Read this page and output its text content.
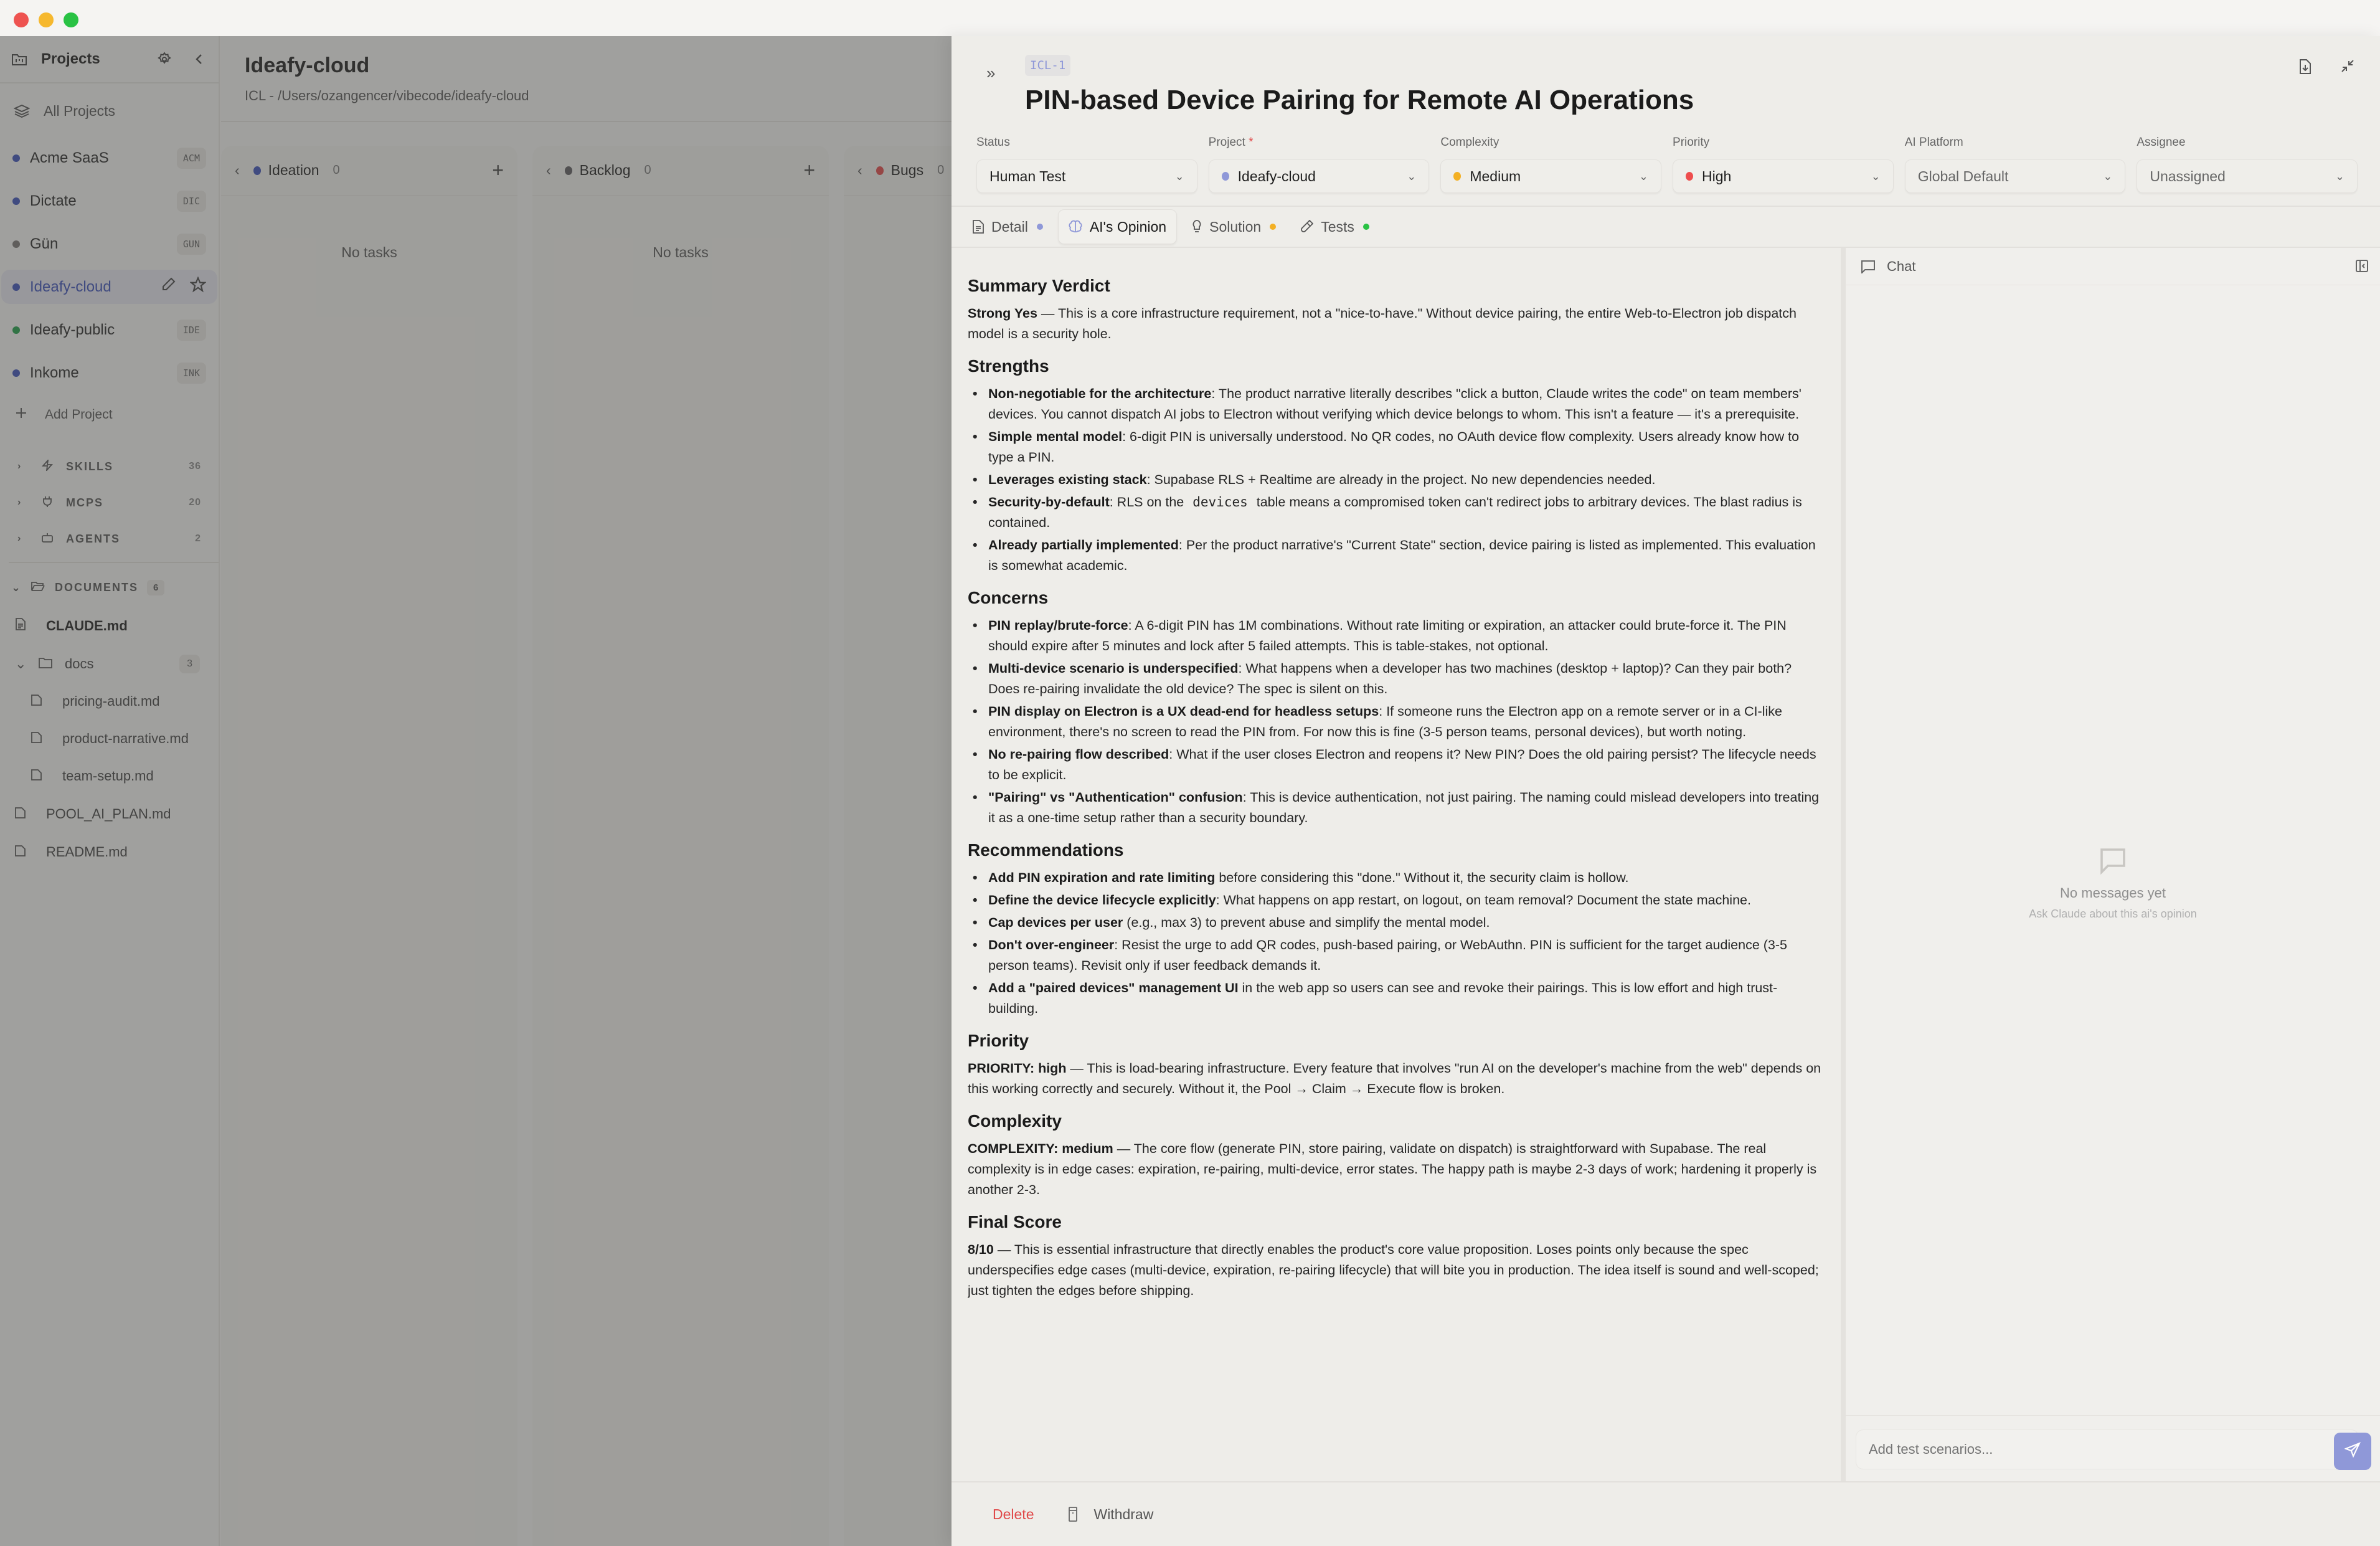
Projects
All Projects
Acme SaaS	ACM
Dictate	DIC
Gün	GUN
Ideafy-cloud
Ideafy-public	IDE
Inkome	INK
Add Project
›	SKILLS	36
›	MCPS	20
›	AGENTS	2
⌄	DOCUMENTS	6
CLAUDE.md
⌄	docs	3
pricing-audit.md
product-narrative.md
team-setup.md
POOL_AI_PLAN.md
README.md
Ideafy-cloud
ICL - /Users/ozangencer/vibecode/ideafy-cloud
‹ Ideation 0	+
No tasks
‹ Backlog 0	+
No tasks
‹ Bugs 0
»	ICL-1
PIN-based Device Pairing for Remote AI Operations
Status
Human Test	⌄
Project *
Ideafy-cloud	⌄
Complexity
Medium	⌄
Priority
High	⌄
AI Platform
Global Default	⌄
Assignee
Unassigned	⌄
Detail	AI's Opinion	Solution	Tests
Summary Verdict

Strong Yes — This is a core infrastructure requirement, not a "nice-to-have." Without device pairing, the entire Web-to-Electron job dispatch model is a security hole.

Strengths
• Non-negotiable for the architecture: The product narrative literally describes "click a button, Claude writes the code" on team members' devices. You cannot dispatch AI jobs to Electron without verifying which device belongs to whom. This isn't a feature — it's a prerequisite.
• Simple mental model: 6-digit PIN is universally understood. No QR codes, no OAuth device flow complexity. Users already know how to type a PIN.
• Leverages existing stack: Supabase RLS + Realtime are already in the project. No new dependencies needed.
• Security-by-default: RLS on the devices table means a compromised token can't redirect jobs to arbitrary devices. The blast radius is contained.
• Already partially implemented: Per the product narrative's "Current State" section, device pairing is listed as implemented. This evaluation is somewhat academic.
Concerns
• PIN replay/brute-force: A 6-digit PIN has 1M combinations. Without rate limiting or expiration, an attacker could brute-force it. The PIN should expire after 5 minutes and lock after 5 failed attempts. This is table-stakes, not optional.
• Multi-device scenario is underspecified: What happens when a developer has two machines (desktop + laptop)? Can they pair both? Does re-pairing invalidate the old device? The spec is silent on this.
• PIN display on Electron is a UX dead-end for headless setups: If someone runs the Electron app on a remote server or in a CI-like environment, there's no screen to read the PIN from. For now this is fine (3-5 person teams, personal devices), but worth noting.
• No re-pairing flow described: What if the user closes Electron and reopens it? New PIN? Does the old pairing persist? The lifecycle needs to be explicit.
• "Pairing" vs "Authentication" confusion: This is device authentication, not just pairing. The naming could mislead developers into treating it as a one-time setup rather than a security boundary.
Recommendations
• Add PIN expiration and rate limiting before considering this "done." Without it, the security claim is hollow.
• Define the device lifecycle explicitly: What happens on app restart, on logout, on team removal? Document the state machine.
• Cap devices per user (e.g., max 3) to prevent abuse and simplify the mental model.
• Don't over-engineer: Resist the urge to add QR codes, push-based pairing, or WebAuthn. PIN is sufficient for the target audience (3-5 person teams). Revisit only if user feedback demands it.
• Add a "paired devices" management UI in the web app so users can see and revoke their pairings. This is low effort and high trust-building.
Priority

PRIORITY: high — This is load-bearing infrastructure. Every feature that involves "run AI on the developer's machine from the web" depends on this working correctly and securely. Without it, the Pool → Claim → Execute flow is broken.

Complexity

COMPLEXITY: medium — The core flow (generate PIN, store pairing, validate on dispatch) is straightforward with Supabase. The real complexity is in edge cases: expiration, re-pairing, multi-device, error states. The happy path is maybe 2-3 days of work; hardening it properly is another 2-3.

Final Score

8/10 — This is essential infrastructure that directly enables the product's core value proposition. Loses points only because the spec underspecifies edge cases (multi-device, expiration, re-pairing lifecycle) that will bite you in production. The idea itself is sound and well-scoped; just tighten the edges before shipping.

Chat
No messages yet
Ask Claude about this ai's opinion
Add test scenarios...
Delete	Withdraw
